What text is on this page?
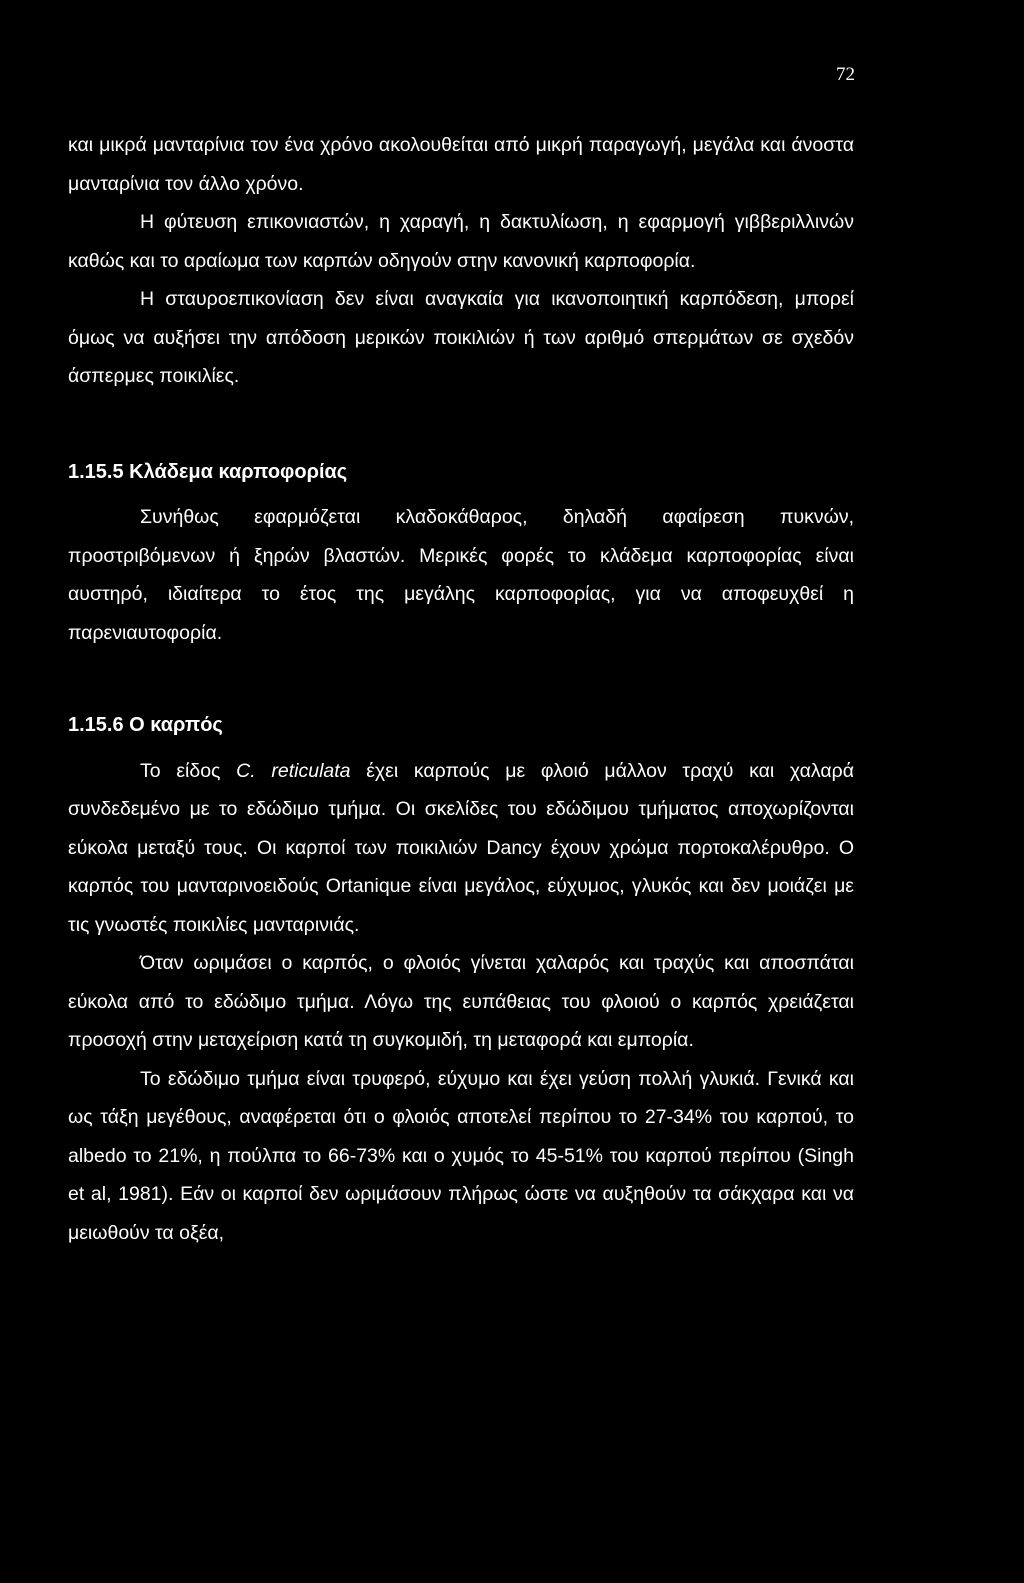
72

και μικρά μανταρίνια τον ένα χρόνο ακολουθείται από μικρή παραγωγή, μεγάλα και άνοστα μανταρίνια τον άλλο χρόνο.

Η φύτευση επικονιαστών, η χαραγή, η δακτυλίωση, η εφαρμογή γιββεριλλινών καθώς και το αραίωμα των καρπών οδηγούν στην κανονική καρποφορία.

Η σταυροεπικονίαση δεν είναι αναγκαία για ικανοποιητική καρπόδεση, μπορεί όμως να αυξήσει την απόδοση μερικών ποικιλιών ή των αριθμό σπερμάτων σε σχεδόν άσπερμες ποικιλίες.

1.15.5 Κλάδεμα καρποφορίας

Συνήθως εφαρμόζεται κλαδοκάθαρος, δηλαδή αφαίρεση πυκνών, προστριβόμενων ή ξηρών βλαστών. Μερικές φορές το κλάδεμα καρποφορίας είναι αυστηρό, ιδιαίτερα το έτος της μεγάλης καρποφορίας, για να αποφευχθεί η παρενιαυτοφορία.

1.15.6 Ο καρπός

Το είδος C. reticulata έχει καρπούς με φλοιό μάλλον τραχύ και χαλαρά συνδεδεμένο με το εδώδιμο τμήμα. Οι σκελίδες του εδώδιμου τμήματος αποχωρίζονται εύκολα μεταξύ τους. Οι καρποί των ποικιλιών Dancy έχουν χρώμα πορτοκαλέρυθρο. Ο καρπός του μανταρινοειδούς Ortanique είναι μεγάλος, εύχυμος, γλυκός και δεν μοιάζει με τις γνωστές ποικιλίες μανταρινιάς.

Όταν ωριμάσει ο καρπός, ο φλοιός γίνεται χαλαρός και τραχύς και αποσπάται εύκολα από το εδώδιμο τμήμα. Λόγω της ευπάθειας του φλοιού ο καρπός χρειάζεται προσοχή στην μεταχείριση κατά τη συγκομιδή, τη μεταφορά και εμπορία.

Το εδώδιμο τμήμα είναι τρυφερό, εύχυμο και έχει γεύση πολλή γλυκιά. Γενικά και ως τάξη μεγέθους, αναφέρεται ότι ο φλοιός αποτελεί περίπου το 27-34% του καρπού, το albedo το 21%, η πούλπα το 66-73% και ο χυμός το 45-51% του καρπού περίπου (Singh et al, 1981). Εάν οι καρποί δεν ωριμάσουν πλήρως ώστε να αυξηθούν τα σάκχαρα και να μειωθούν τα οξέα,
